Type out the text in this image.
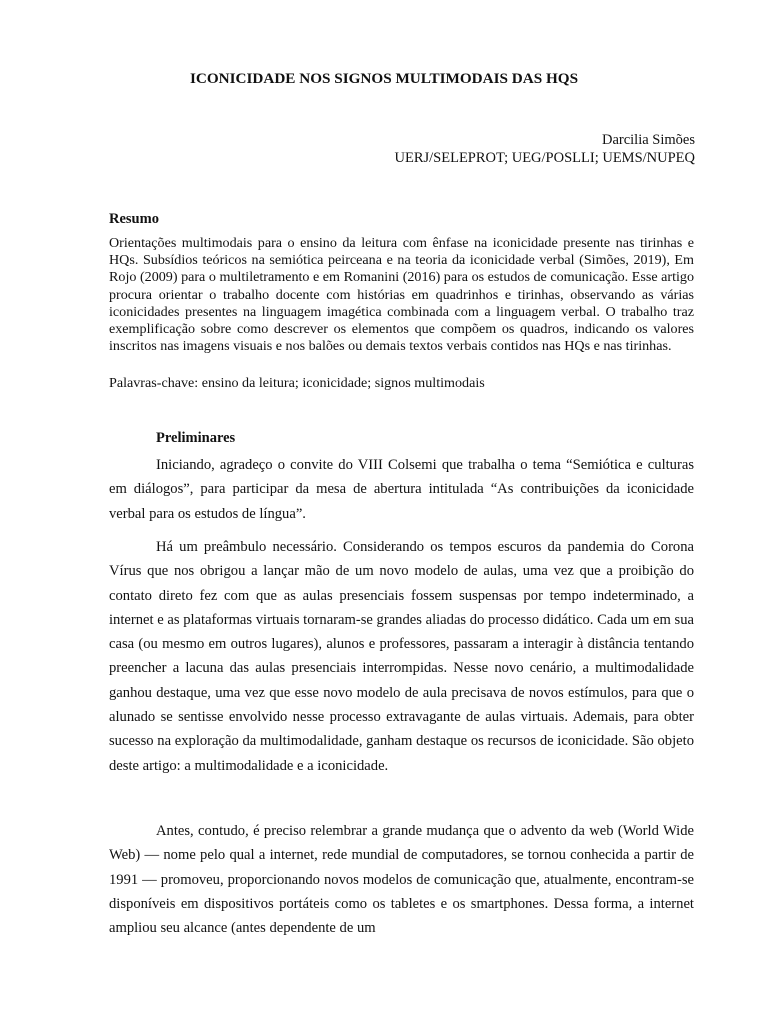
ICONICIDADE NOS SIGNOS MULTIMODAIS DAS HQS
Darcilia Simões
UERJ/SELEPROT; UEG/POSLLI; UEMS/NUPEQ
Resumo

Orientações multimodais para o ensino da leitura com ênfase na iconicidade presente nas tirinhas e HQs. Subsídios teóricos na semiótica peirceana e na teoria da iconicidade verbal (Simões, 2019), Em Rojo (2009) para o multiletramento e em Romanini (2016) para os estudos de comunicação. Esse artigo procura orientar o trabalho docente com histórias em quadrinhos e tirinhas, observando as várias iconicidades presentes na linguagem imagética combinada com a linguagem verbal. O trabalho traz exemplificação sobre como descrever os elementos que compõem os quadros, indicando os valores inscritos nas imagens visuais e nos balões ou demais textos verbais contidos nas HQs e nas tirinhas.

Palavras-chave: ensino da leitura; iconicidade; signos multimodais

Preliminares

Iniciando, agradeço o convite do VIII Colsemi que trabalha o tema “Semiótica e culturas em diálogos”, para participar da mesa de abertura intitulada “As contribuições da iconicidade verbal para os estudos de língua”.

Há um preâmbulo necessário. Considerando os tempos escuros da pandemia do Corona Vírus que nos obrigou a lançar mão de um novo modelo de aulas, uma vez que a proibição do contato direto fez com que as aulas presenciais fossem suspensas por tempo indeterminado, a internet e as plataformas virtuais tornaram-se grandes aliadas do processo didático. Cada um em sua casa (ou mesmo em outros lugares), alunos e professores, passaram a interagir à distância tentando preencher a lacuna das aulas presenciais interrompidas. Nesse novo cenário, a multimodalidade ganhou destaque, uma vez que esse novo modelo de aula precisava de novos estímulos, para que o alunado se sentisse envolvido nesse processo extravagante de aulas virtuais. Ademais, para obter sucesso na exploração da multimodalidade, ganham destaque os recursos de iconicidade. São objeto deste artigo: a multimodalidade e a iconicidade.

Antes, contudo, é preciso relembrar a grande mudança que o advento da web (World Wide Web) — nome pelo qual a internet, rede mundial de computadores, se tornou conhecida a partir de 1991 — promoveu, proporcionando novos modelos de comunicação que, atualmente, encontram-se disponíveis em dispositivos portáteis como os tabletes e os smartphones. Dessa forma, a internet ampliou seu alcance (antes dependente de um
